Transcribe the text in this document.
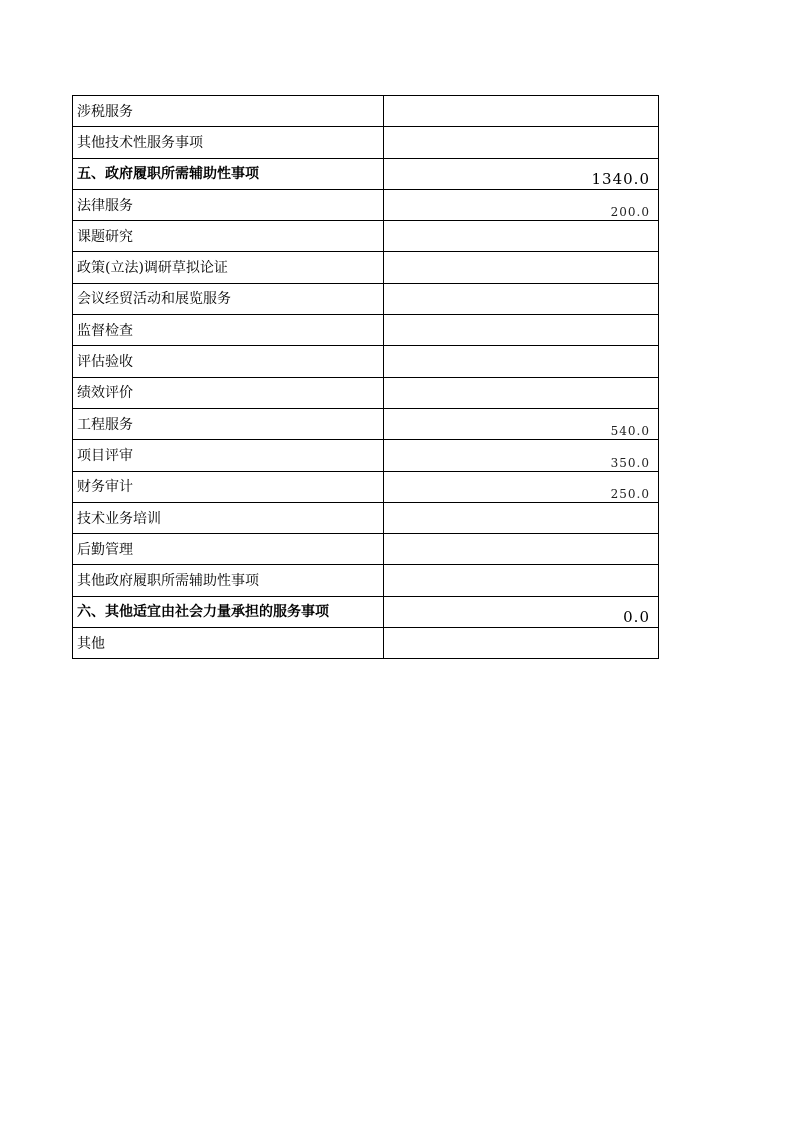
涉税服务	
其他技术性服务事项	
五、政府履职所需辅助性事项	1340.0
法律服务	200.0
课题研究	
政策(立法)调研草拟论证	
会议经贸活动和展览服务	
监督检查	
评估验收	
绩效评价	
工程服务	540.0
项目评审	350.0
财务审计	250.0
技术业务培训	
后勤管理	
其他政府履职所需辅助性事项	
六、其他适宜由社会力量承担的服务事项	0.0
其他	
